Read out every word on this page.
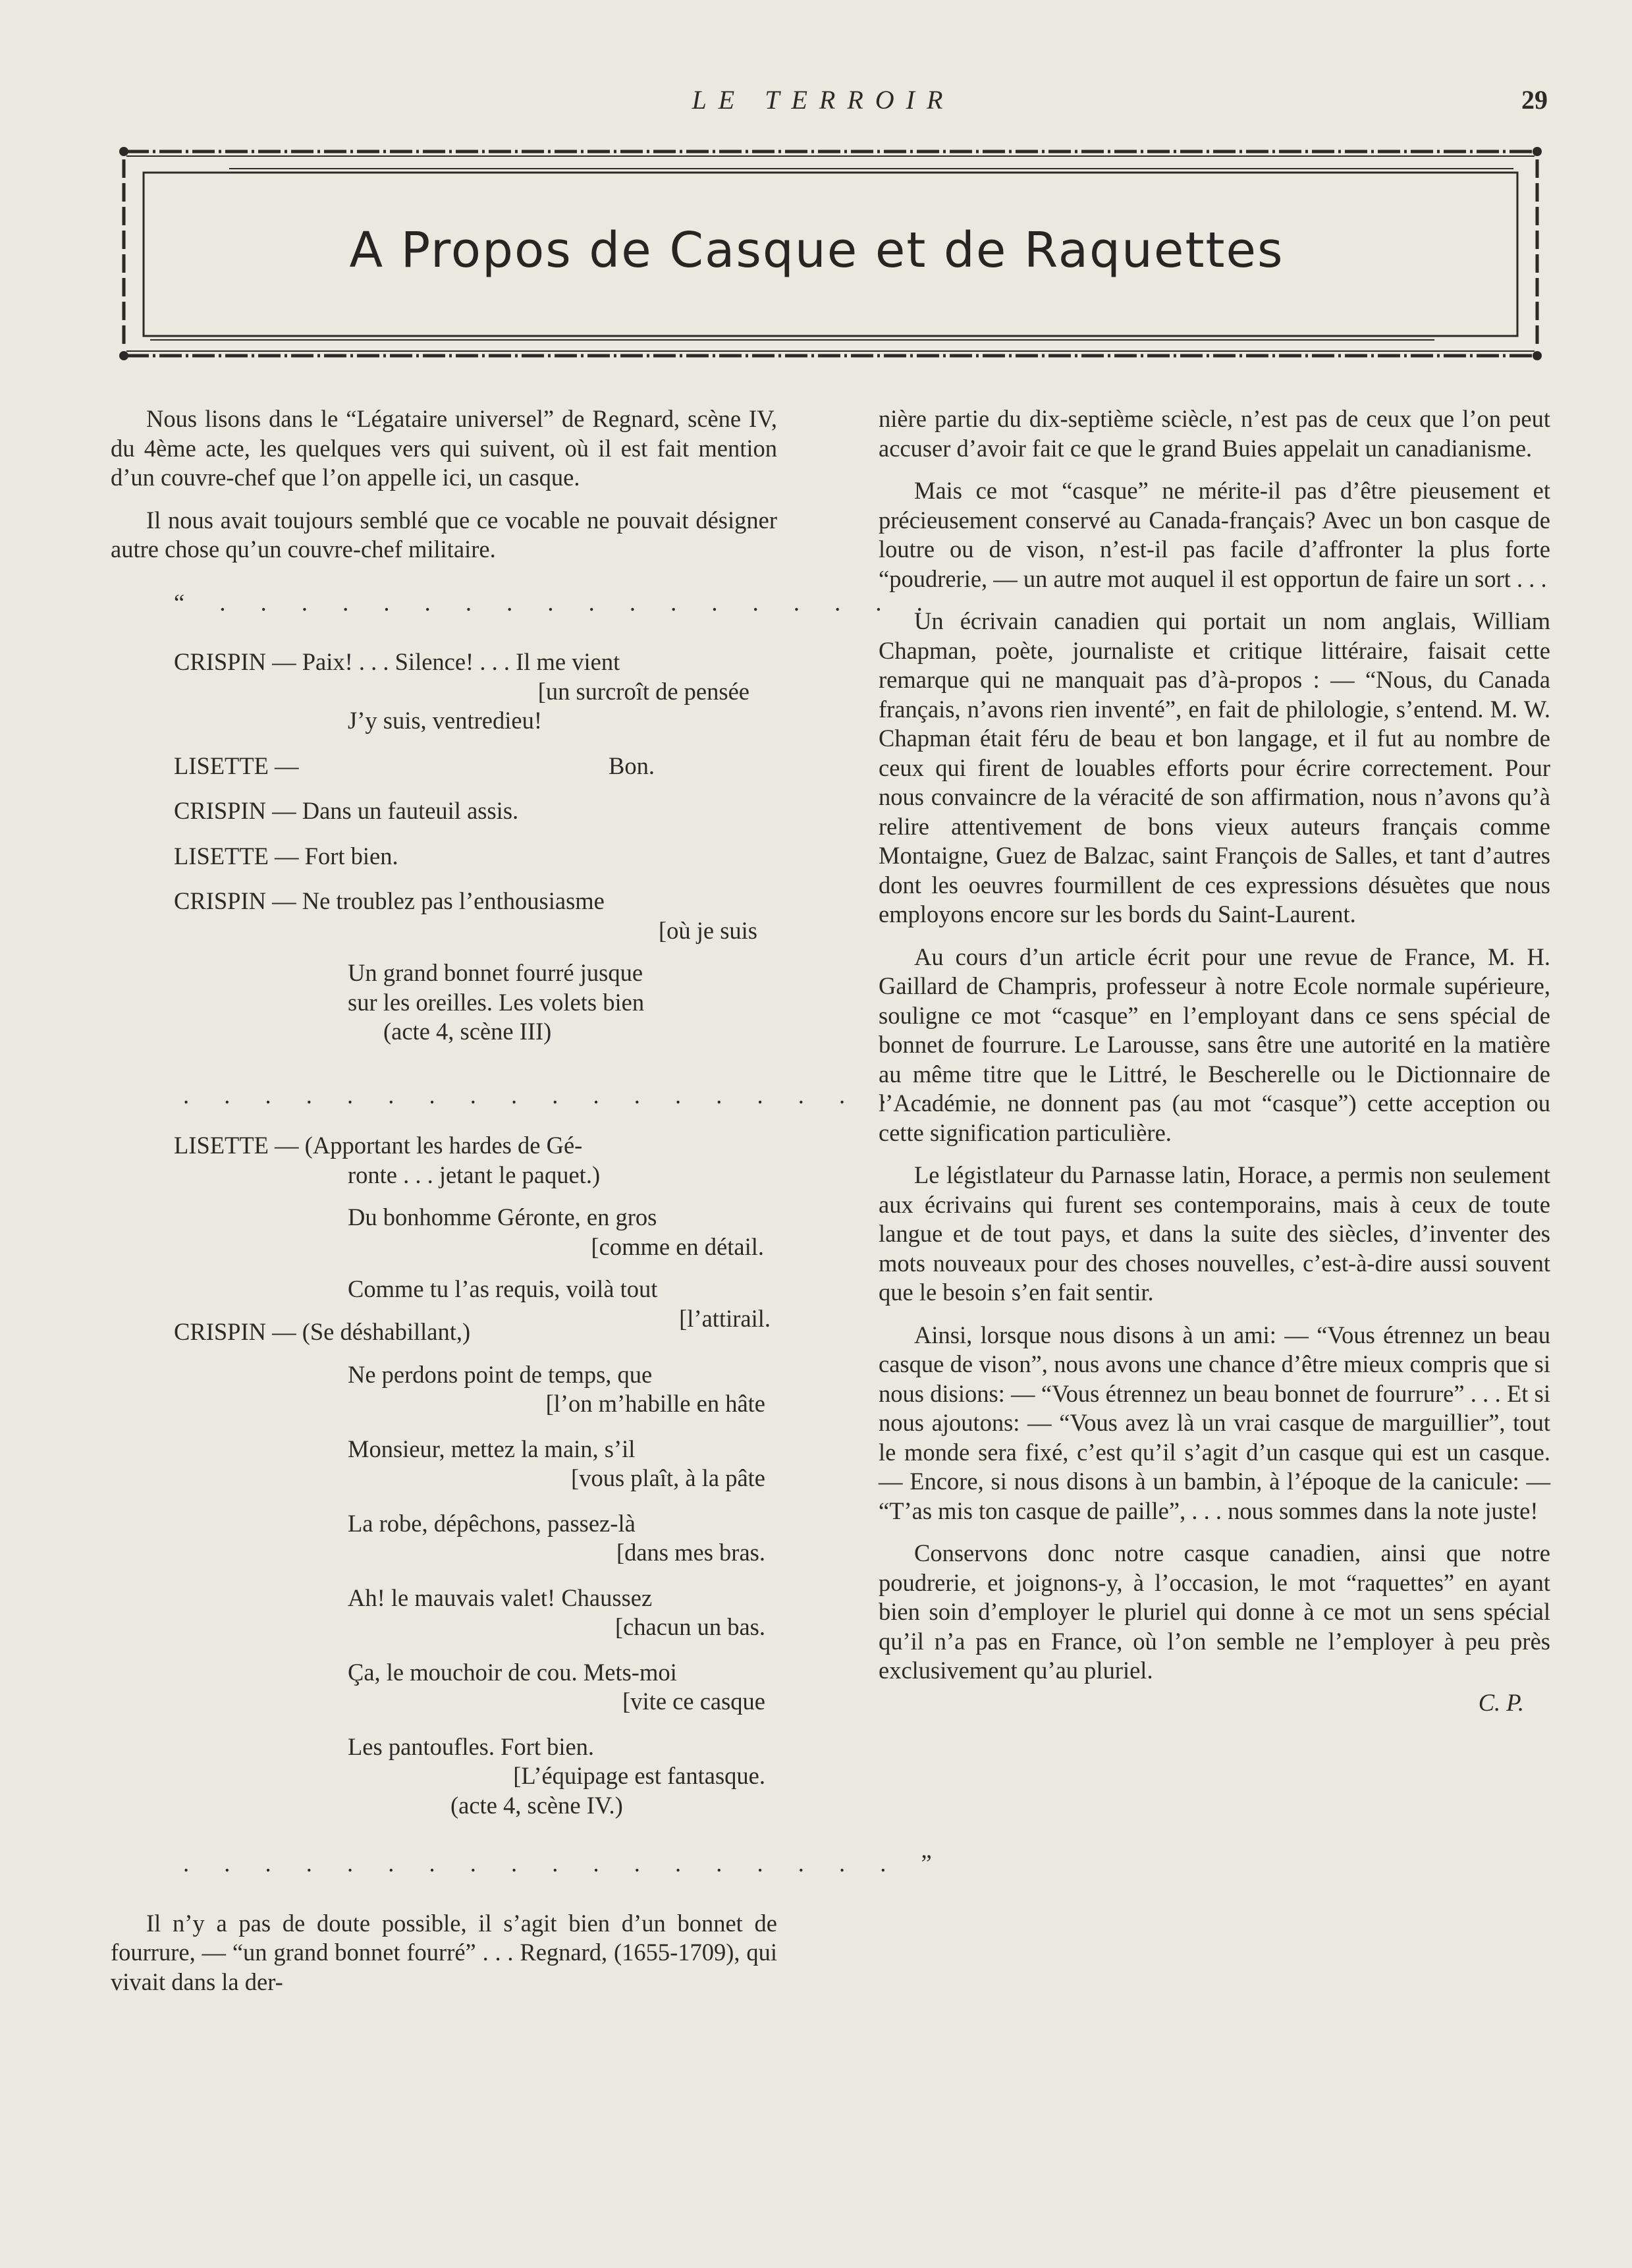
LE TERROIR	29
A Propos de Casque et de Raquettes

Nous lisons dans le “Légataire universel” de Regnard, scène IV, du 4ème acte, les quelques vers qui suivent, où il est fait mention d’un couvre-chef que l’on appelle ici, un casque.

Il nous avait toujours semblé que ce vocable ne pouvait désigner autre chose qu’un couvre-chef militaire.

“ . . . . . . . . . . . . . . . . . .
CRISPIN — Paix! . . . Silence! . . . Il me vient
[un surcroît de pensée
J’y suis, ventredieu!
LISETTE —	Bon.
CRISPIN — Dans un fauteuil assis.
LISETTE — Fort bien.
CRISPIN — Ne troublez pas l’enthousiasme
[où je suis
Un grand bonnet fourré jusque
sur les oreilles. Les volets bien
(acte 4, scène III)
. . . . . . . . . . . . . . . . . . .
LISETTE — (Apportant les hardes de Gé-
ronte . . . jetant le paquet.)
Du bonhomme Géronte, en gros
[comme en détail.
Comme tu l’as requis, voilà tout
[l’attirail.
CRISPIN — (Se déshabillant,)
Ne perdons point de temps, que
[l’on m’habille en hâte
Monsieur, mettez la main, s’il
[vous plaît, à la pâte
La robe, dépêchons, passez-là
[dans mes bras.
Ah! le mauvais valet! Chaussez
[chacun un bas.
Ça, le mouchoir de cou. Mets-moi
[vite ce casque
Les pantoufles. Fort bien.
[L’équipage est fantasque.
(acte 4, scène IV.)
. . . . . . . . . . . . . . . . . . ”

Il n’y a pas de doute possible, il s’agit bien d’un bonnet de fourrure, — “un grand bonnet fourré” . . . Regnard, (1655-1709), qui vivait dans la der-

nière partie du dix-septième sciècle, n’est pas de ceux que l’on peut accuser d’avoir fait ce que le grand Buies appelait un canadianisme.

Mais ce mot “casque” ne mérite-il pas d’être pieusement et précieusement conservé au Canada-français? Avec un bon casque de loutre ou de vison, n’est-il pas facile d’affronter la plus forte “poudrerie, — un autre mot auquel il est opportun de faire un sort . . .

Un écrivain canadien qui portait un nom anglais, William Chapman, poète, journaliste et critique littéraire, faisait cette remarque qui ne manquait pas d’à-propos : — “Nous, du Canada français, n’avons rien inventé”, en fait de philologie, s’entend. M. W. Chapman était féru de beau et bon langage, et il fut au nombre de ceux qui firent de louables efforts pour écrire correctement. Pour nous convaincre de la véracité de son affirmation, nous n’avons qu’à relire attentivement de bons vieux auteurs français comme Montaigne, Guez de Balzac, saint François de Salles, et tant d’autres dont les oeuvres fourmillent de ces expressions désuètes que nous employons encore sur les bords du Saint-Laurent.

Au cours d’un article écrit pour une revue de France, M. H. Gaillard de Champris, professeur à notre Ecole normale supérieure, souligne ce mot “casque” en l’employant dans ce sens spécial de bonnet de fourrure. Le Larousse, sans être une autorité en la matière au même titre que le Littré, le Bescherelle ou le Dictionnaire de l’Académie, ne donnent pas (au mot “casque”) cette acception ou cette signification particulière.

Le légistlateur du Parnasse latin, Horace, a permis non seulement aux écrivains qui furent ses contemporains, mais à ceux de toute langue et de tout pays, et dans la suite des siècles, d’inventer des mots nouveaux pour des choses nouvelles, c’est-à-dire aussi souvent que le besoin s’en fait sentir.

Ainsi, lorsque nous disons à un ami: — “Vous étrennez un beau casque de vison”, nous avons une chance d’être mieux compris que si nous disions: — “Vous étrennez un beau bonnet de fourrure” . . . Et si nous ajoutons: — “Vous avez là un vrai casque de marguillier”, tout le monde sera fixé, c’est qu’il s’agit d’un casque qui est un casque. — Encore, si nous disons à un bambin, à l’époque de la canicule: — “T’as mis ton casque de paille”, . . . nous sommes dans la note juste!

Conservons donc notre casque canadien, ainsi que notre poudrerie, et joignons-y, à l’occasion, le mot “raquettes” en ayant bien soin d’employer le pluriel qui donne à ce mot un sens spécial qu’il n’a pas en France, où l’on semble ne l’employer à peu près exclusivement qu’au pluriel.

C. P.
